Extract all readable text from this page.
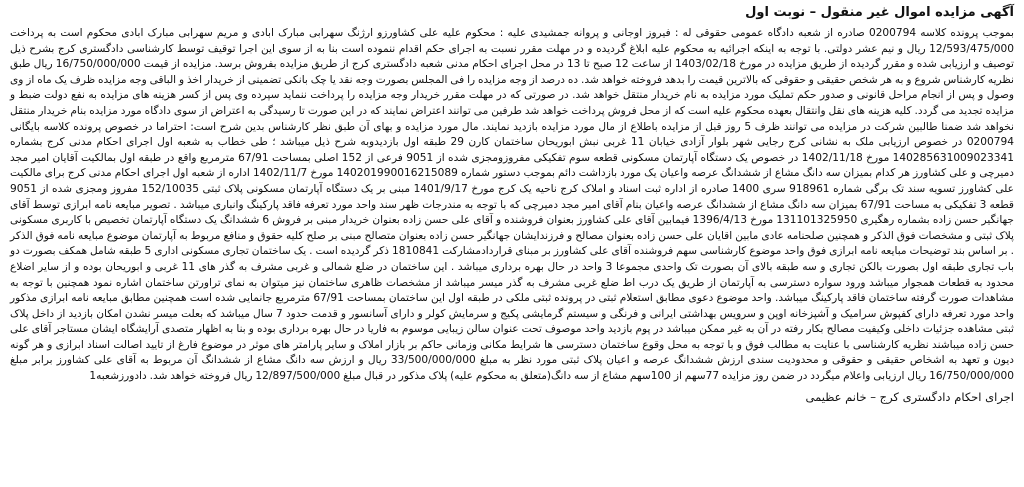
آگهی مزایده اموال غیر منقول – نوبت اول

بموجب پرونده کلاسه 0200794 صادره از شعبه دادگاه عمومی حقوقی له : فیروز اوجانی و پروانه جمشیدی علیه : محکوم علیه علی کشاورزو ارژنگ سهرابی مبارک ابادی و مریم سهرابی مبارک ابادی محکوم است به پرداخت 12/593/475/000 ریال و نیم عشر دولتی. با توجه به اینکه اجرائیه به محکوم علیه ابلاغ گردیده و در مهلت مقرر نسبت به اجرای حکم اقدام ننموده است بنا به از سوی این اجرا توقیف توسط کارشناسی دادگستری کرج بشرح ذیل توصیف و ارزیابی شده و مقرر گردیده از طریق مزایده در مورخ 1403/02/18 از ساعت 12 صبح تا 13 در محل اجرای احکام مدنی شعبه دادگستری کرج از طریق مزایده بفروش برسد. مزایده از قیمت 16/750/000/000 ریال طبق نظریه کارشناس شروع و به هر شخص حقیقی و حقوقی که بالاترین قیمت را بدهد فروخته خواهد شد. ده درصد از وجه مزایده را فی المجلس بصورت وجه نقد یا چک بانکی تضمینی از خریدار اخذ و الباقی وجه مزایده ظرف یک ماه از وی وصول و پس از انجام مراحل قانونی و صدور حکم تملیک مورد مزایده به نام خریدار منتقل خواهد شد. در صورتی که در مهلت مقرر خریدار وجه مزایده را پرداخت ننماید سپرده وی پس از کسر هزینه های مزایده به نفع دولت ضبط و مزایده تجدید می گردد. کلیه هزینه های نقل وانتقال بعهده محکوم علیه است که از محل فروش پرداخت خواهد شد طرفین می توانند اعتراض نمایند که در این صورت تا رسیدگی به اعتراض از سوی دادگاه مورد مزایده بنام خریدار منتقل نخواهد شد ضمنا طالبین شرکت در مزایده می توانند ظرف 5 روز قبل از مزایده باطلاع از مال مورد مزایده بازدید نمایند. مال مورد مزایده و بهای آن طبق نظر کارشناس بدین شرح است: احتراما در خصوص پرونده کلاسه بایگانی 0200794 در خصوص ارزیابی ملک به نشانی کرج رجایی شهر بلوار آزادی خیابان 11 غربی نبش ابوریحان ساختمان کارن 29 طبقه اول بازدیدوبه شرح ذیل میباشد ؛ طی خطاب به شعبه اول اجرای احکام مدنی کرج بشماره 140285631009023341 مورخ 1402/11/18 در خصوص یک دستگاه آپارتمان مسکونی قطعه سوم تفکیکی مفروزومجزی شده از 9051 فرعی از 152 اصلی بمساحت 67/91 مترمربع واقع در طبقه اول بمالکیت آقایان امیر مجد دمیرچی و علی کشاورز هر کدام بمیزان سه دانگ مشاع از ششدانگ عرصه واعیان یک مورد بازداشت دائم بموجب دستور شماره 140201990016215089 مورخ 1402/11/7 اداره از شعبه اول اجرای احکام مدنی کرج برای مالکیت علی کشاورز تسویه سند تک برگی شماره 918961 سری 1400 صادره از اداره ثبت اسناد و املاک کرج ناحیه یک کرج مورخ 1401/9/17 مبنی بر یک دستگاه آپارتمان مسکونی پلاک ثبتی 152/10035 مفروز ومجزی شده از 9051 قطعه 3 تفکیکی به مساحت 67/91 بمیزان سه دانگ مشاع از ششدانگ عرصه واعیان بنام آقای امیر مجد دمیرچی که با توجه به مندرجات ظهر سند واحد مورد تعرفه فاقد پارکینگ وانباری میباشد . تصویر مبایعه نامه ابرازی توسط آقای جهانگیر حسن زاده بشماره رهگیری 131101325950 مورخ 1396/4/13 فیمابین آقای علی کشاورز بعنوان فروشنده و آقای علی حسن زاده بعنوان خریدار مبنی بر فروش 6 ششدانگ یک دستگاه آپارتمان تخصیص با کاربری مسکونی پلاک ثبتی و مشخصات فوق الذکر و همچنین صلحنامه عادی مابین اقایان علی حسن زاده بعنوان مصالح و فرزندایشان جهانگیر حسن زاده بعنوان متصالح مبنی بر صلح کلیه حقوق و منافع مربوط به آپارتمان موضوع مبایعه نامه فوق الذکر . بر اساس بند توضیحات مبایعه نامه ابرازی فوق واحد موضوع کارشناسی سهم فروشنده آقای علی کشاورز بر مبنای قراردادمشارکت 1810841 ذکر گردیده است . یک ساختمان تجاری مسکونی اداری 5 طبقه شامل همکف بصورت دو باب تجاری طبقه اول بصورت بالکن تجاری و سه طبقه بالای آن بصورت تک واحدی مجموعا 3 واحد در حال بهره برداری میباشد . این ساختمان در ضلع شمالی و غربی مشرف به گذر های 11 غربی و ابوریحان بوده و از سایر اضلاع محدود به قطعات همجوار میباشد ورود سواره دسترسی به آپارتمان از طریق یک درب اط ضلع غربی مشرف به گذر میسر میباشد از مشخصات ظاهری ساختمان نیز میتوان به نمای تراورتن ساختمان اشاره نمود همچنین با توجه به مشاهدات صورت گرفته ساختمان فاقد پارکینگ میباشد. واحد موضوع دعوی مطابق استعلام ثبتی در پرونده ثبتی ملکی در طبقه اول این ساختمان بمساحت 67/91 مترمربع جانمایی شده است همچنین مطابق مبایعه نامه ابرازی مذکور واحد مورد تعرفه دارای کفپوش سرامیک و آشپزخانه اوپن و سرویس بهداشتی ایرانی و فرنگی و سیستم گرمایشی پکیج و سرمایش کولر و دارای آسانسور و قدمت حدود 7 سال میباشد که بعلت میسر نشدن امکان بازدید از داخل پلاک ثبتی مشاهده جزئیات داخلی وکیفیت مصالح بکار رفته در آن به غیر ممکن میباشد در پوم بازدید واحد موصوف تحت عنوان سالن زیبایی موسوم به فاریا در حال بهره برداری بوده و بنا به اظهار متصدی آرایشگاه ایشان مستاجر آقای علی حسن زاده میباشند نظریه کارشناسی با عنایت به مطالب فوق و با توجه به محل وقوع ساختمان دسترسی ها شرایط مکانی وزمانی حاکم بر بازار املاک و سایر پارامتر های موثر در موضوع فارغ از تایید اصالت اسناد ابرازی و هر گونه دیون و تعهد به اشخاص حقیقی و حقوقی و محدودیت سندی ارزش ششدانگ عرصه و اعیان پلاک ثبتی مورد نظر به مبلغ 33/500/000/000 ریال و ارزش سه دانگ مشاع از ششدانگ آن مربوط به آقای علی کشاورز برابر مبلغ 16/750/000/000 ریال ارزیابی واعلام میگردد در ضمن روز مزایده 77سهم از 100سهم مشاع از سه دانگ(متعلق به محکوم علیه) پلاک مذکور در قبال مبلغ 12/897/500/000 ریال فروخته خواهد شد. دادورزشعبه1

اجرای احکام دادگستری کرج – خانم عظیمی
